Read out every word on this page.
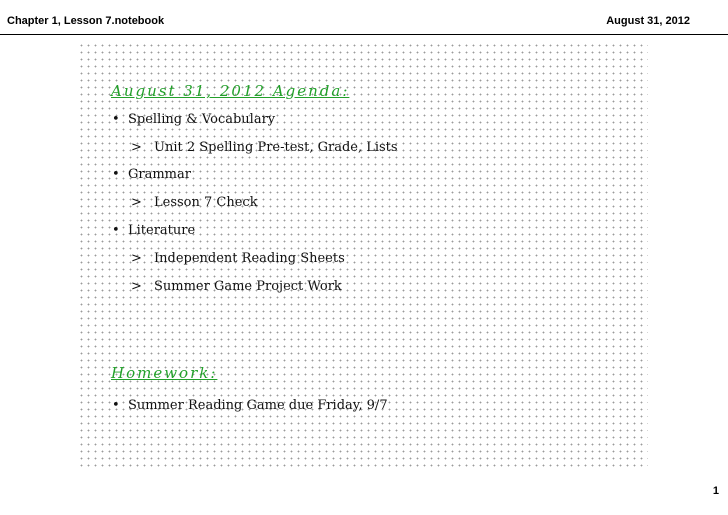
Chapter 1, Lesson 7.notebook	August 31, 2012
August 31, 2012 Agenda:
• Spelling & Vocabulary
> Unit 2 Spelling Pre-test, Grade, Lists
• Grammar
> Lesson 7 Check
• Literature
> Independent Reading Sheets
> Summer Game Project Work
Homework:
• Summer Reading Game due Friday, 9/7
1
